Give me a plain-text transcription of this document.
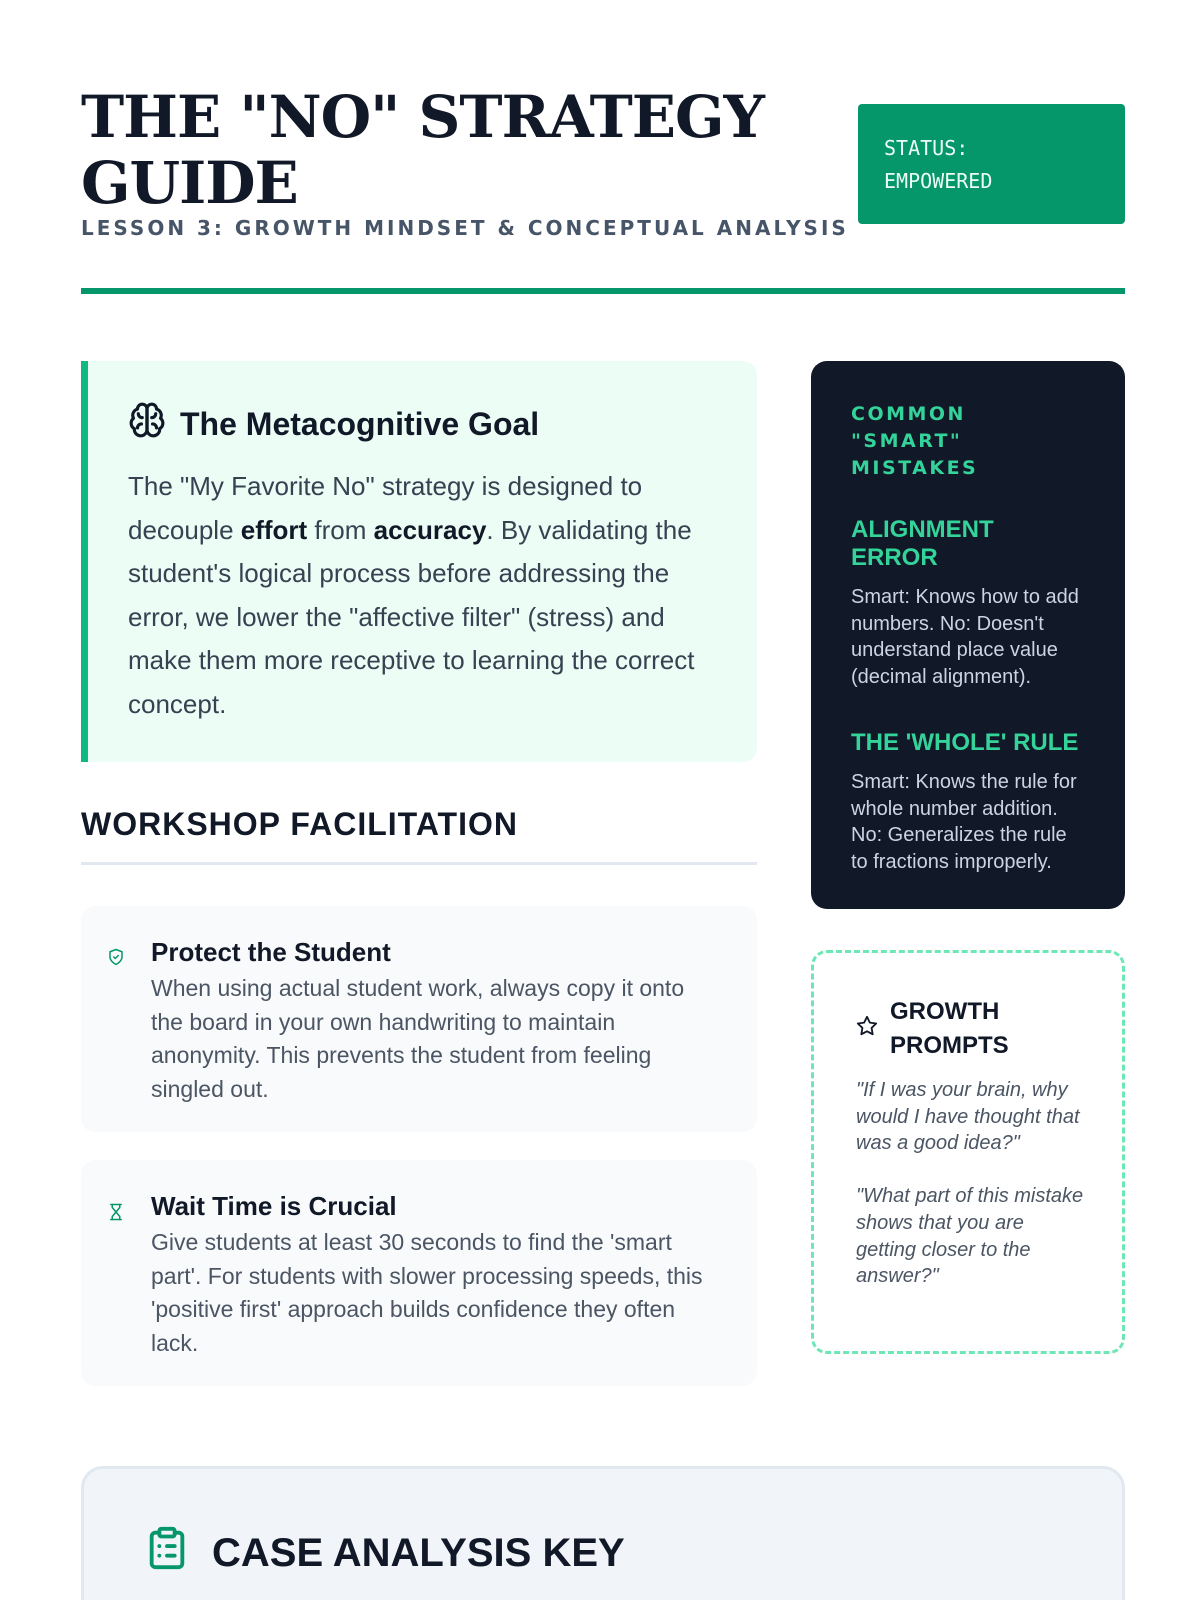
THE "NO" STRATEGY GUIDE
LESSON 3: GROWTH MINDSET & CONCEPTUAL ANALYSIS
STATUS:
EMPOWERED
The Metacognitive Goal

The "My Favorite No" strategy is designed to decouple effort from accuracy. By validating the student's logical process before addressing the error, we lower the "affective filter" (stress) and make them more receptive to learning the correct concept.

WORKSHOP FACILITATION
Protect the Student

When using actual student work, always copy it onto the board in your own handwriting to maintain anonymity. This prevents the student from feeling singled out.

Wait Time is Crucial

Give students at least 30 seconds to find the 'smart part'. For students with slower processing speeds, this 'positive first' approach builds confidence they often lack.

COMMON "SMART" MISTAKES
ALIGNMENT ERROR

Smart: Knows how to add numbers. No: Doesn't understand place value (decimal alignment).

THE 'WHOLE' RULE

Smart: Knows the rule for whole number addition. No: Generalizes the rule to fractions improperly.

GROWTH PROMPTS

"If I was your brain, why would I have thought that was a good idea?"

"What part of this mistake shows that you are getting closer to the answer?"

CASE ANALYSIS KEY
